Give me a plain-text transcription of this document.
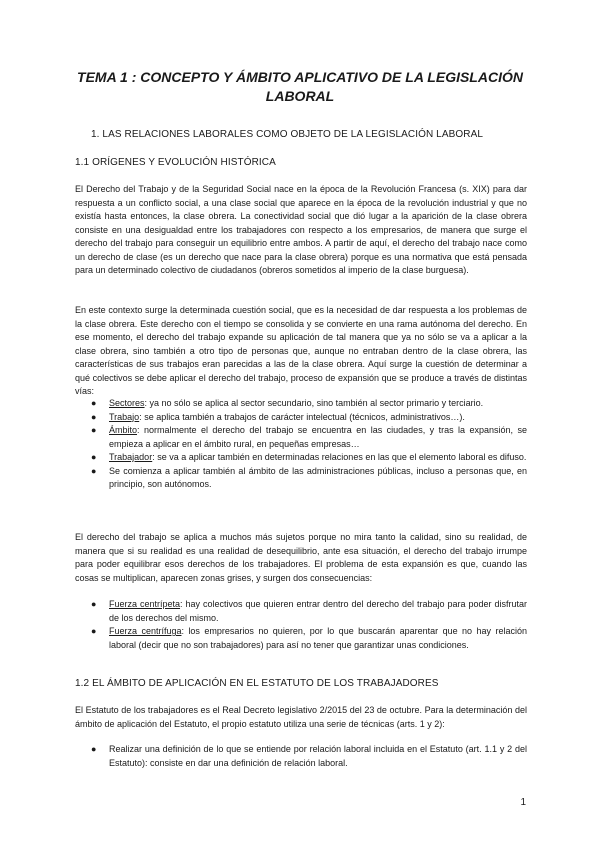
TEMA 1 : CONCEPTO Y ÁMBITO APLICATIVO DE LA LEGISLACIÓN LABORAL
1. LAS RELACIONES LABORALES COMO OBJETO DE LA LEGISLACIÓN LABORAL
1.1 ORÍGENES Y EVOLUCIÓN HISTÓRICA
El Derecho del Trabajo y de la Seguridad Social nace en la época de la Revolución Francesa (s. XIX) para dar respuesta a un conflicto social, a una clase social que aparece en la época de la revolución industrial y que no existía hasta entonces, la clase obrera. La conectividad social que dió lugar a la aparición de la clase obrera consiste en una desigualdad entre los trabajadores con respecto a los empresarios, de manera que surge el derecho del trabajo para conseguir un equilibrio entre ambos. A partir de aquí, el derecho del trabajo nace como un derecho de clase (es un derecho que nace para la clase obrera) porque es una normativa que está pensada para un determinado colectivo de ciudadanos (obreros sometidos al imperio de la clase burguesa).
En este contexto surge la determinada cuestión social, que es la necesidad de dar respuesta a los problemas de la clase obrera. Este derecho con el tiempo se consolida y se convierte en una rama autónoma del derecho. En ese momento, el derecho del trabajo expande su aplicación de tal manera que ya no sólo se va a aplicar a la clase obrera, sino también a otro tipo de personas que, aunque no entraban dentro de la clase obrera, las características de sus trabajos eran parecidas a las de la clase obrera. Aquí surge la cuestión de determinar a qué colectivos se debe aplicar el derecho del trabajo, proceso de expansión que se produce a través de distintas vías:
● Sectores: ya no sólo se aplica al sector secundario, sino también al sector primario y terciario.
● Trabajo: se aplica también a trabajos de carácter intelectual (técnicos, administrativos…).
● Ámbito: normalmente el derecho del trabajo se encuentra en las ciudades, y tras la expansión, se empieza a aplicar en el ámbito rural, en pequeñas empresas…
● Trabajador: se va a aplicar también en determinadas relaciones en las que el elemento laboral es difuso.
● Se comienza a aplicar también al ámbito de las administraciones públicas, incluso a personas que, en principio, son autónomos.
El derecho del trabajo se aplica a muchos más sujetos porque no mira tanto la calidad, sino su realidad, de manera que si su realidad es una realidad de desequilibrio, ante esa situación, el derecho del trabajo irrumpe para poder equilibrar esos derechos de los trabajadores. El problema de esta expansión es que, cuando las cosas se multiplican, aparecen zonas grises, y surgen dos consecuencias:
● Fuerza centrípeta: hay colectivos que quieren entrar dentro del derecho del trabajo para poder disfrutar de los derechos del mismo.
● Fuerza centrífuga: los empresarios no quieren, por lo que buscarán aparentar que no hay relación laboral (decir que no son trabajadores) para así no tener que garantizar unas condiciones.
1.2 EL ÁMBITO DE APLICACIÓN EN EL ESTATUTO DE LOS TRABAJADORES
El Estatuto de los trabajadores es el Real Decreto legislativo 2/2015 del 23 de octubre. Para la determinación del ámbito de aplicación del Estatuto, el propio estatuto utiliza una serie de técnicas (arts. 1 y 2):
● Realizar una definición de lo que se entiende por relación laboral incluida en el Estatuto (art. 1.1 y 2 del Estatuto): consiste en dar una definición de relación laboral.
1
